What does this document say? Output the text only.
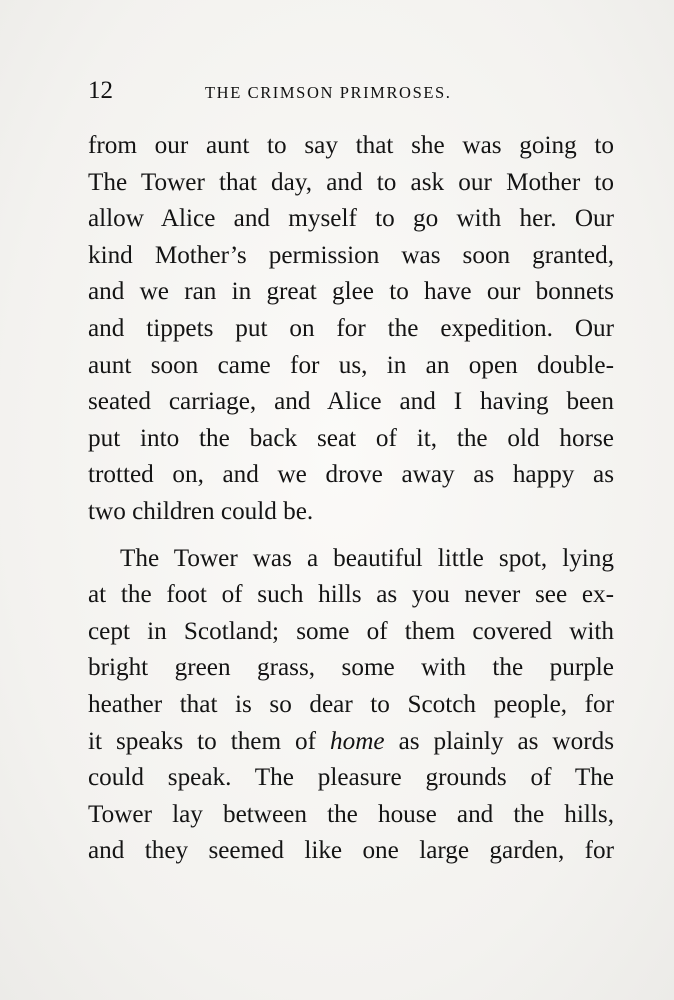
12	THE CRIMSON PRIMROSES.
from our aunt to say that she was going to
The Tower that day, and to ask our Mother to
allow Alice and myself to go with her. Our
kind Mother’s permission was soon granted,
and we ran in great glee to have our bonnets
and tippets put on for the expedition. Our
aunt soon came for us, in an open double-
seated carriage, and Alice and I having been
put into the back seat of it, the old horse
trotted on, and we drove away as happy as
two children could be.
The Tower was a beautiful little spot, lying
at the foot of such hills as you never see ex-
cept in Scotland; some of them covered with
bright green grass, some with the purple
heather that is so dear to Scotch people, for
it speaks to them of home as plainly as words
could speak. The pleasure grounds of The
Tower lay between the house and the hills,
and they seemed like one large garden, for
